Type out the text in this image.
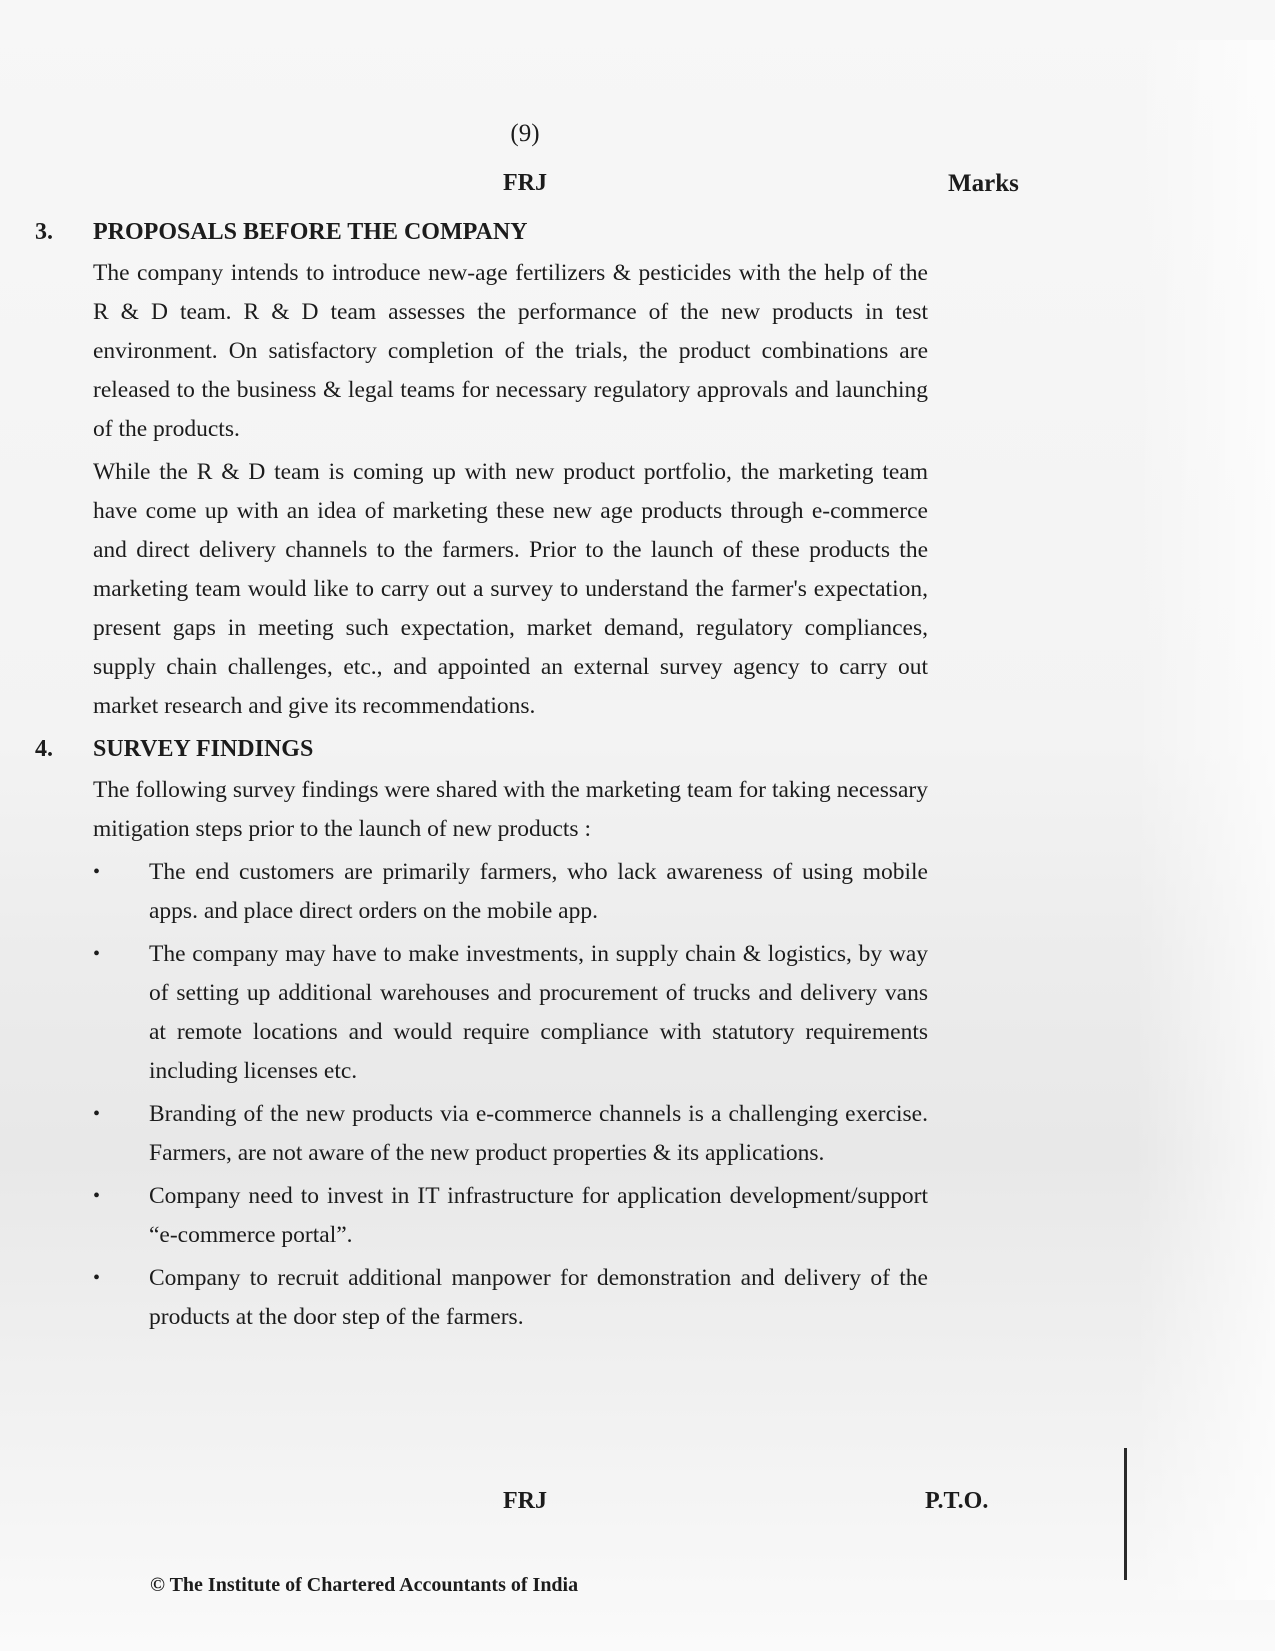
(9)
FRJ	Marks
3. PROPOSALS BEFORE THE COMPANY

The company intends to introduce new-age fertilizers & pesticides with the help of the R & D team. R & D team assesses the performance of the new products in test environment. On satisfactory completion of the trials, the product combinations are released to the business & legal teams for necessary regulatory approvals and launching of the products.

While the R & D team is coming up with new product portfolio, the marketing team have come up with an idea of marketing these new age products through e-commerce and direct delivery channels to the farmers. Prior to the launch of these products the marketing team would like to carry out a survey to understand the farmer's expectation, present gaps in meeting such expectation, market demand, regulatory compliances, supply chain challenges, etc., and appointed an external survey agency to carry out market research and give its recommendations.

4. SURVEY FINDINGS

The following survey findings were shared with the marketing team for taking necessary mitigation steps prior to the launch of new products :

• The end customers are primarily farmers, who lack awareness of using mobile apps. and place direct orders on the mobile app.
• The company may have to make investments, in supply chain & logistics, by way of setting up additional warehouses and procurement of trucks and delivery vans at remote locations and would require compliance with statutory requirements including licenses etc.
• Branding of the new products via e-commerce channels is a challenging exercise. Farmers, are not aware of the new product properties & its applications.
• Company need to invest in IT infrastructure for application development/support “e-commerce portal”.
• Company to recruit additional manpower for demonstration and delivery of the products at the door step of the farmers.
FRJ	P.T.O.
© The Institute of Chartered Accountants of India
